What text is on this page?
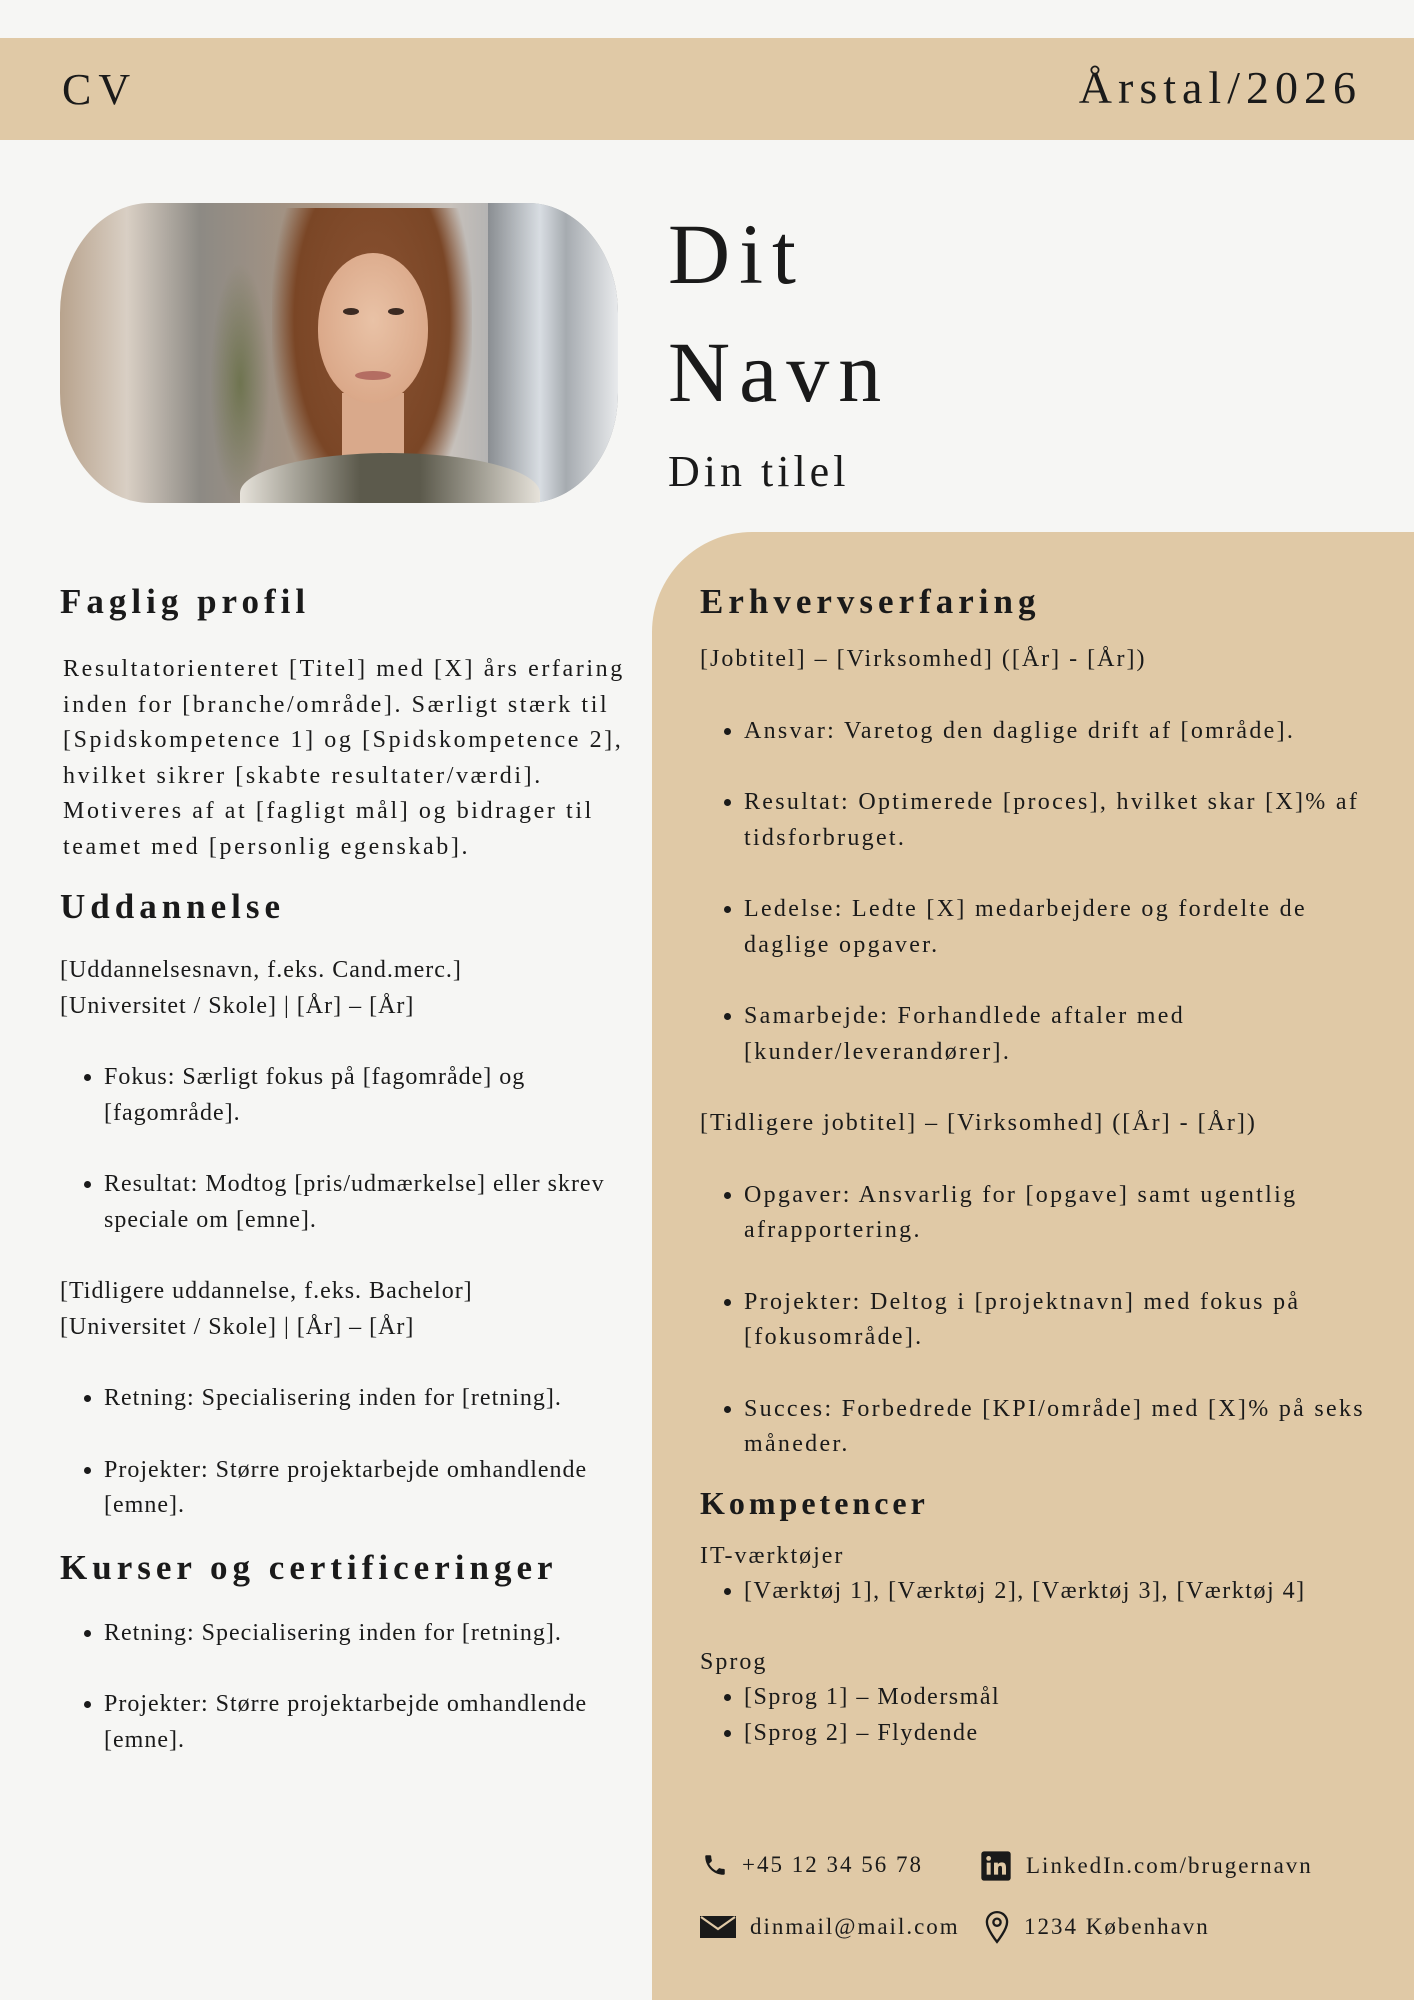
CV	Årstal/2026
Dit
Navn
Din tilel
Faglig profil

Resultatorienteret [Titel] med [X] års erfaring inden for [branche/område]. Særligt stærk til [Spidskompetence 1] og [Spidskompetence 2], hvilket sikrer [skabte resultater/værdi]. Motiveres af at [fagligt mål] og bidrager til teamet med [personlig egenskab].

Uddannelse

[Uddannelsesnavn, f.eks. Cand.merc.]

[Universitet / Skole] | [År] – [År]

• Fokus: Særligt fokus på [fagområde] og [fagområde].
• Resultat: Modtog [pris/udmærkelse] eller skrev speciale om [emne].

[Tidligere uddannelse, f.eks. Bachelor]

[Universitet / Skole] | [År] – [År]

• Retning: Specialisering inden for [retning].
• Projekter: Større projektarbejde omhandlende [emne].
Kurser og certificeringer
• Retning: Specialisering inden for [retning].
• Projekter: Større projektarbejde omhandlende [emne].
Erhvervserfaring

[Jobtitel] – [Virksomhed] ([År] - [År])

• Ansvar: Varetog den daglige drift af [område].
• Resultat: Optimerede [proces], hvilket skar [X]% af tidsforbruget.
• Ledelse: Ledte [X] medarbejdere og fordelte de daglige opgaver.
• Samarbejde: Forhandlede aftaler med [kunder/leverandører].

[Tidligere jobtitel] – [Virksomhed] ([År] - [År])

• Opgaver: Ansvarlig for [opgave] samt ugentlig afrapportering.
• Projekter: Deltog i [projektnavn] med fokus på [fokusområde].
• Succes: Forbedrede [KPI/område] med [X]% på seks måneder.
Kompetencer

IT-værktøjer

• [Værktøj 1], [Værktøj 2], [Værktøj 3], [Værktøj 4]

Sprog

• [Sprog 1] – Modersmål
• [Sprog 2] – Flydende
+45 12 34 56 78	LinkedIn.com/brugernavn
dinmail@mail.com	1234 København
